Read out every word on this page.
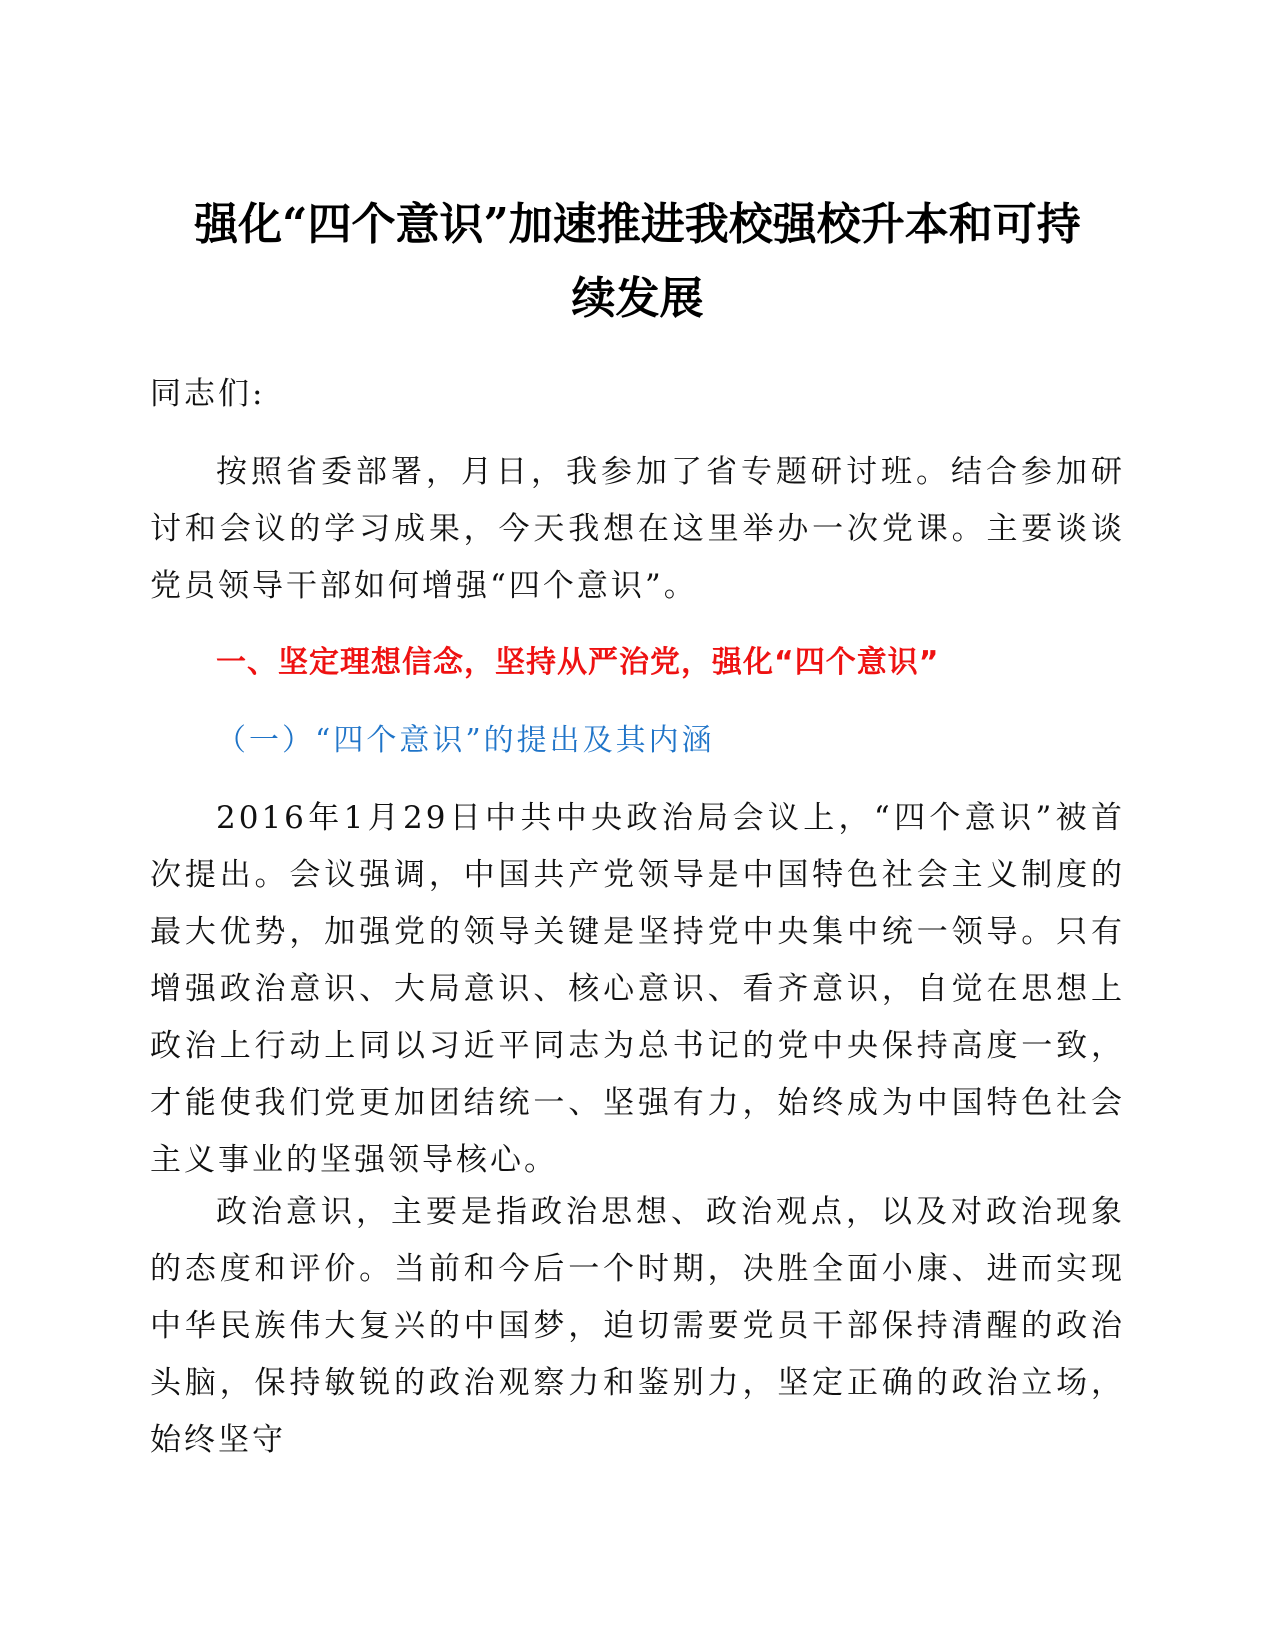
强化“四个意识”加速推进我校强校升本和可持
续发展
同志们:
按照省委部署，月日，我参加了省专题研讨班。结合参加研讨和会议的学习成果，今天我想在这里举办一次党课。主要谈谈党员领导干部如何增强“四个意识”。
一、坚定理想信念，坚持从严治党，强化“四个意识”
（一）“四个意识”的提出及其内涵
2016年1月29日中共中央政治局会议上，“四个意识”被首次提出。会议强调，中国共产党领导是中国特色社会主义制度的最大优势，加强党的领导关键是坚持党中央集中统一领导。只有增强政治意识、大局意识、核心意识、看齐意识，自觉在思想上政治上行动上同以习近平同志为总书记的党中央保持高度一致，才能使我们党更加团结统一、坚强有力，始终成为中国特色社会主义事业的坚强领导核心。
政治意识，主要是指政治思想、政治观点，以及对政治现象的态度和评价。当前和今后一个时期，决胜全面小康、进而实现中华民族伟大复兴的中国梦，迫切需要党员干部保持清醒的政治头脑，保持敏锐的政治观察力和鉴别力，坚定正确的政治立场，始终坚守
